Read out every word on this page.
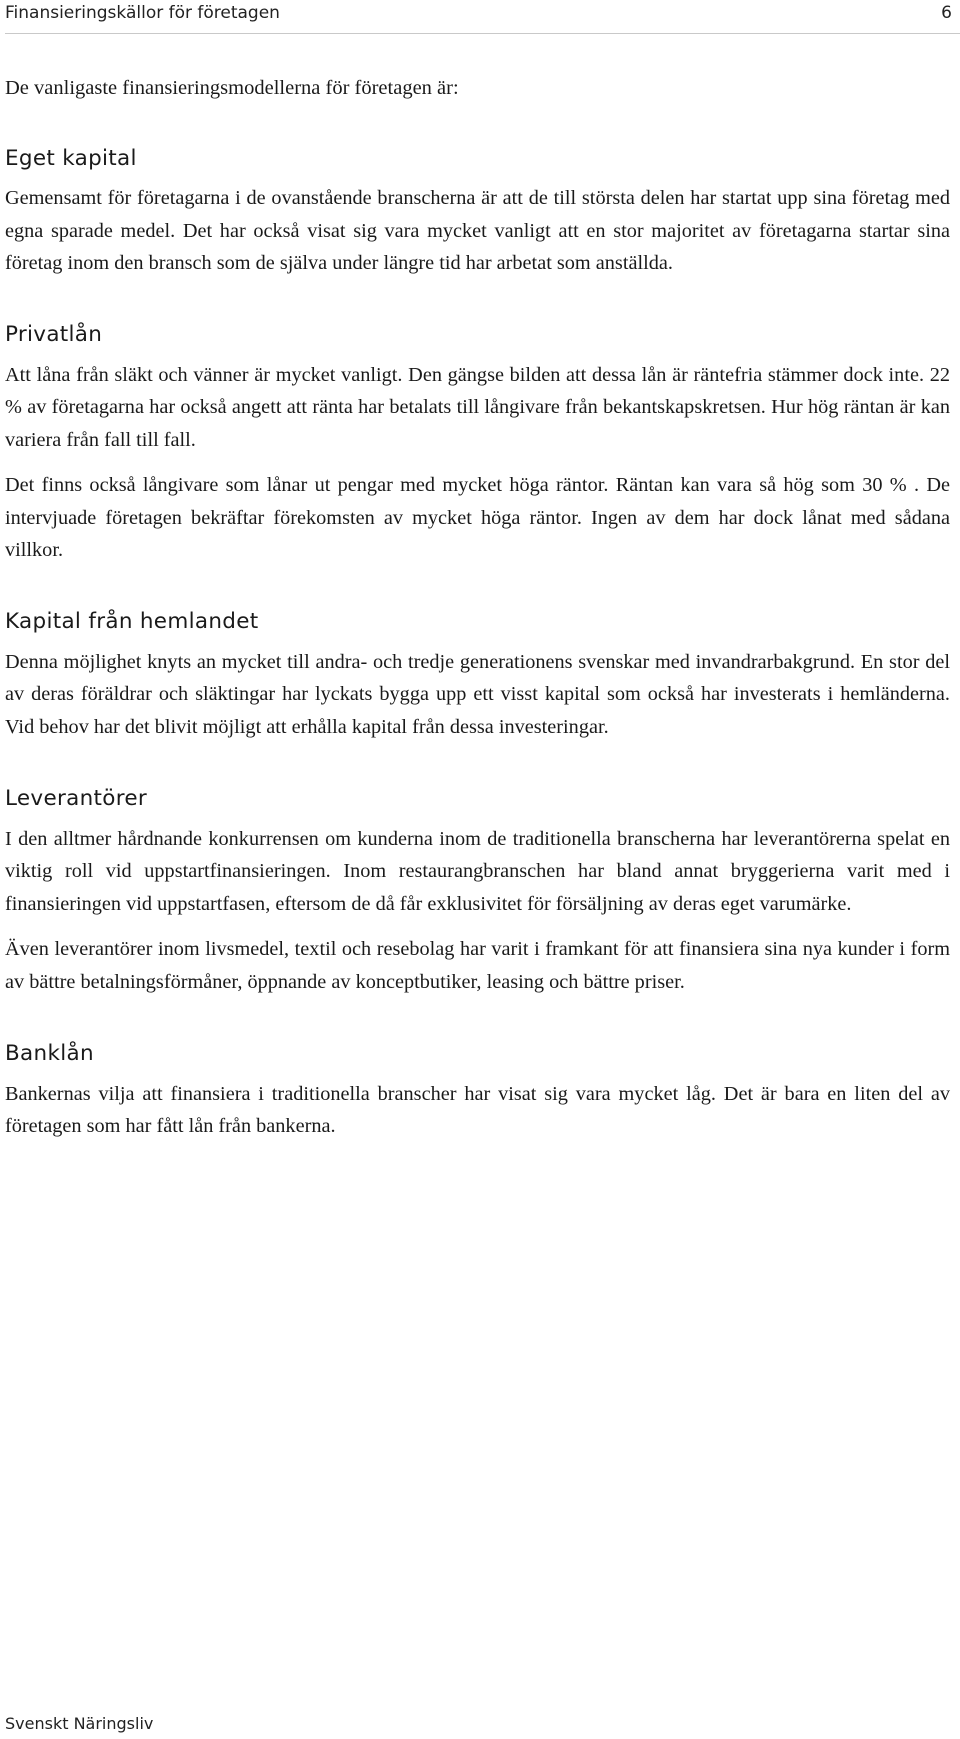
Finansieringskällor för företagen	6
De vanligaste finansieringsmodellerna för företagen är:
Eget kapital

Gemensamt för företagarna i de ovanstående branscherna är att de till största delen har startat upp sina företag med egna sparade medel. Det har också visat sig vara mycket vanligt att en stor majoritet av företagarna startar sina företag inom den bransch som de själva under längre tid har arbetat som anställda.

Privatlån

Att låna från släkt och vänner är mycket vanligt. Den gängse bilden att dessa lån är räntefria stämmer dock inte. 22 % av företagarna har också angett att ränta har betalats till långivare från bekantskapskretsen. Hur hög räntan är kan variera från fall till fall.

Det finns också långivare som lånar ut pengar med mycket höga räntor. Räntan kan vara så hög som 30 % . De intervjuade företagen bekräftar förekomsten av mycket höga räntor. Ingen av dem har dock lånat med sådana villkor.

Kapital från hemlandet

Denna möjlighet knyts an mycket till andra- och tredje generationens svenskar med invandrarbakgrund. En stor del av deras föräldrar och släktingar har lyckats bygga upp ett visst kapital som också har investerats i hemländerna. Vid behov har det blivit möjligt att erhålla kapital från dessa investeringar.

Leverantörer

I den alltmer hårdnande konkurrensen om kunderna inom de traditionella branscherna har leverantörerna spelat en viktig roll vid uppstartfinansieringen. Inom restaurangbranschen har bland annat bryggerierna varit med i finansieringen vid uppstartfasen, eftersom de då får exklusivitet för försäljning av deras eget varumärke.

Även leverantörer inom livsmedel, textil och resebolag har varit i framkant för att finansiera sina nya kunder i form av bättre betalningsförmåner, öppnande av konceptbutiker, leasing och bättre priser.

Banklån

Bankernas vilja att finansiera i traditionella branscher har visat sig vara mycket låg. Det är bara en liten del av företagen som har fått lån från bankerna.

Svenskt Näringsliv
